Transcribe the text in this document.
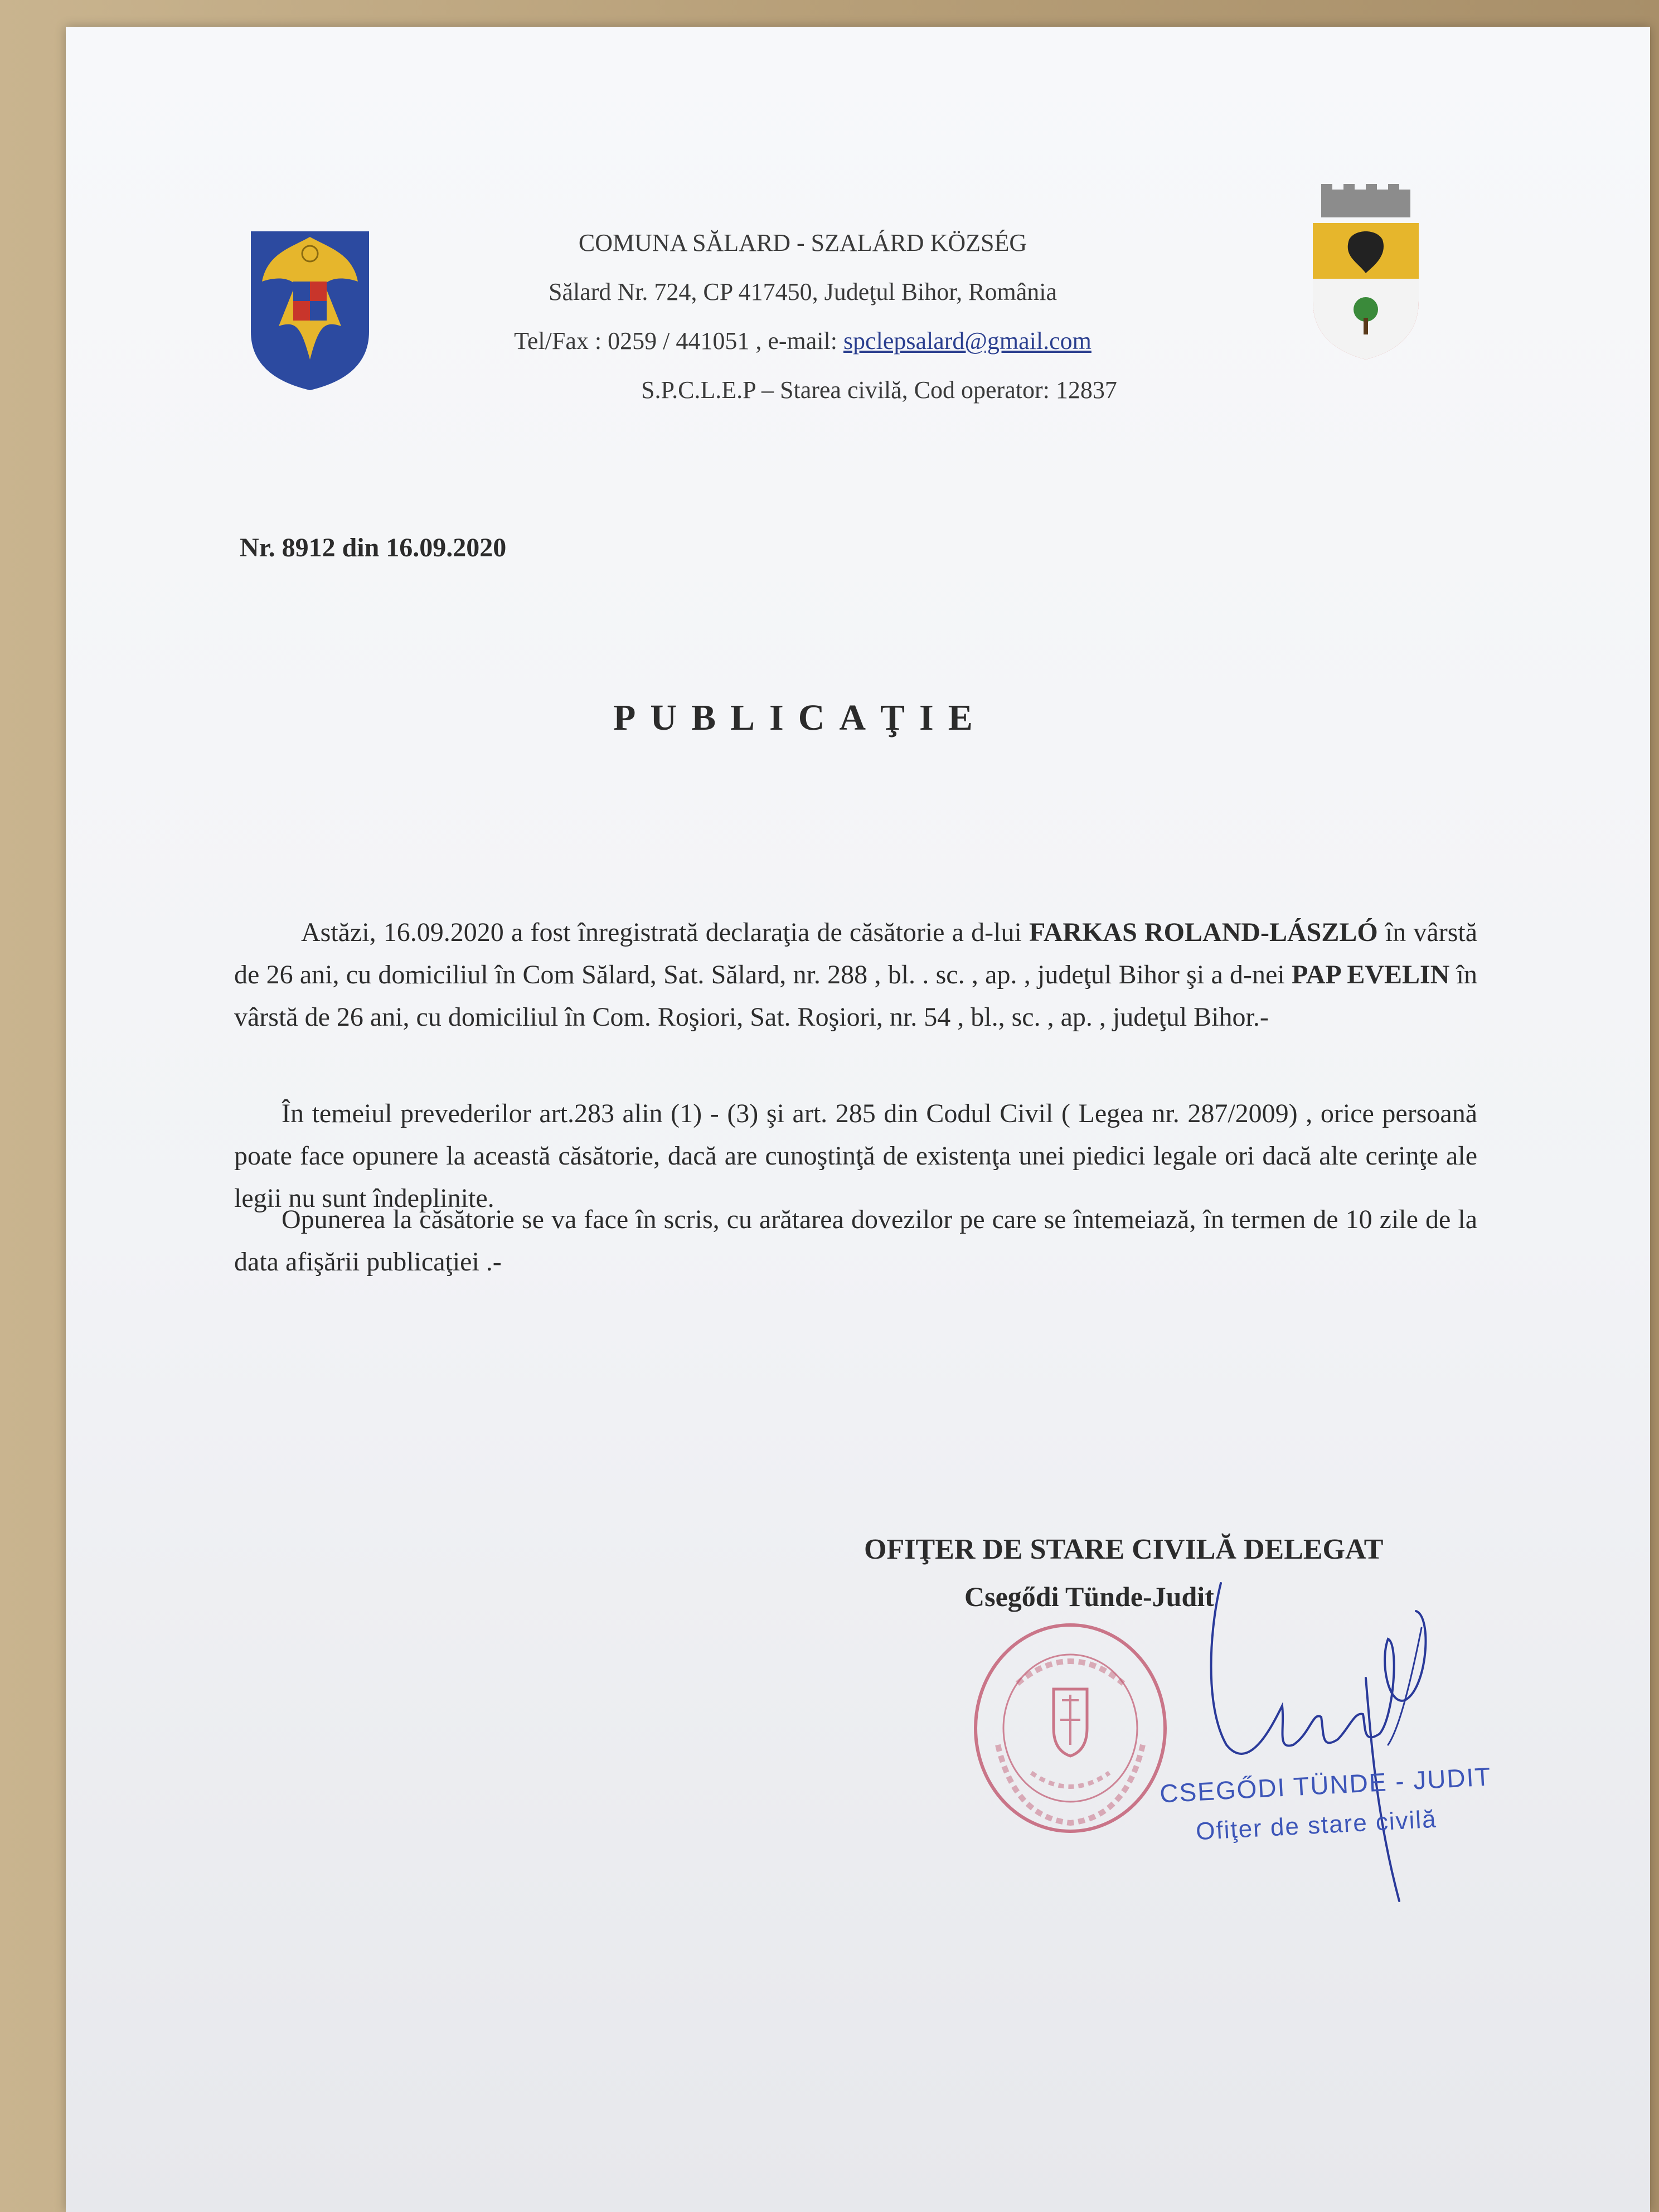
COMUNA SĂLARD - SZALÁRD KÖZSÉG
Sălard Nr. 724, CP 417450, Judeţul Bihor, România
Tel/Fax : 0259 / 441051 , e-mail: spclepsalard@gmail.com
S.P.C.L.E.P – Starea civilă, Cod operator: 12837
Nr. 8912 din 16.09.2020
PUBLICAŢIE
Astăzi, 16.09.2020 a fost înregistrată declaraţia de căsătorie a d-lui FARKAS ROLAND-LÁSZLÓ în vârstă de 26 ani, cu domiciliul în Com Sălard, Sat. Sălard, nr. 288 , bl. . sc. , ap. , judeţul Bihor şi a d-nei PAP EVELIN în vârstă de 26 ani, cu domiciliul în Com. Roşiori, Sat. Roşiori, nr. 54 , bl., sc. , ap. , judeţul Bihor.-
În temeiul prevederilor art.283 alin (1) - (3) şi art. 285 din Codul Civil ( Legea nr. 287/2009) , orice persoană poate face opunere la această căsătorie, dacă are cunoştinţă de existenţa unei piedici legale ori dacă alte cerinţe ale legii nu sunt îndeplinite.
Opunerea la căsătorie se va face în scris, cu arătarea dovezilor pe care se întemeiază, în termen de 10 zile de la data afişării publicaţiei .-
OFIŢER DE STARE CIVILĂ DELEGAT
Csegődi Tünde-Judit
CSEGŐDI TÜNDE - JUDIT
Ofiţer de stare civilă
